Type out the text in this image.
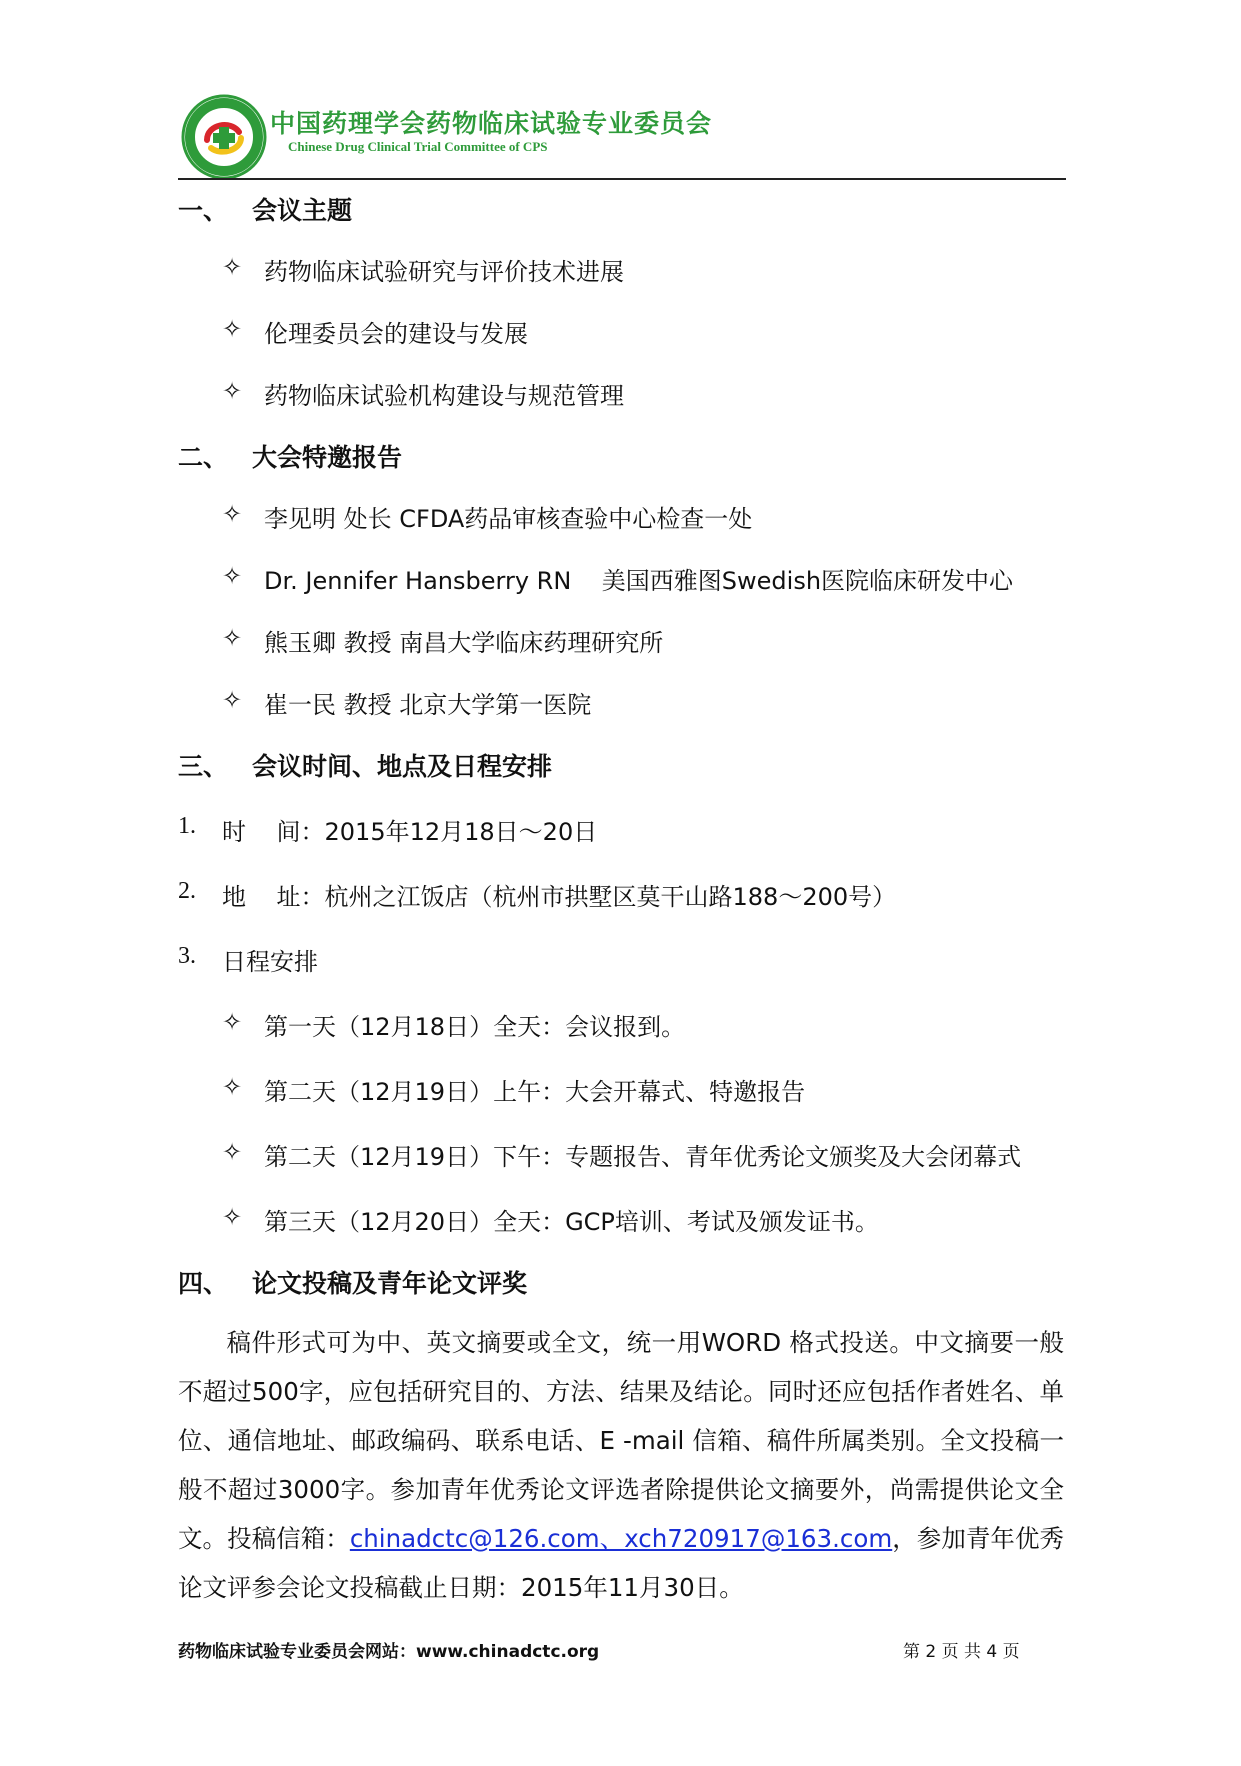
中国药理学会药物临床试验专业委员会
Chinese Drug Clinical Trial Committee of CPS
一、 会议主题
✧ 药物临床试验研究与评价技术进展
✧ 伦理委员会的建设与发展
✧ 药物临床试验机构建设与规范管理
二、 大会特邀报告
✧ 李见明 处长 CFDA药品审核查验中心检查一处
✧ Dr. Jennifer Hansberry RN    美国西雅图Swedish医院临床研发中心
✧ 熊玉卿 教授 南昌大学临床药理研究所
✧ 崔一民 教授 北京大学第一医院
三、 会议时间、地点及日程安排
1. 时    间：2015年12月18日～20日
2. 地    址：杭州之江饭店（杭州市拱墅区莫干山路188～200号）
3. 日程安排
✧ 第一天（12月18日）全天：会议报到。
✧ 第二天（12月19日）上午：大会开幕式、特邀报告
✧ 第二天（12月19日）下午：专题报告、青年优秀论文颁奖及大会闭幕式
✧ 第三天（12月20日）全天：GCP培训、考试及颁发证书。
四、 论文投稿及青年论文评奖
稿件形式可为中、英文摘要或全文，统一用WORD 格式投送。中文摘要一般不超过500字，应包括研究目的、方法、结果及结论。同时还应包括作者姓名、单位、通信地址、邮政编码、联系电话、E -mail 信箱、稿件所属类别。全文投稿一般不超过3000字。参加青年优秀论文评选者除提供论文摘要外，尚需提供论文全文。投稿信箱：chinadctc@126.com、xch720917@163.com，参加青年优秀论文评参会论文投稿截止日期：2015年11月30日。
药物临床试验专业委员会网站：www.chinadctc.org	第 2 页 共 4 页
